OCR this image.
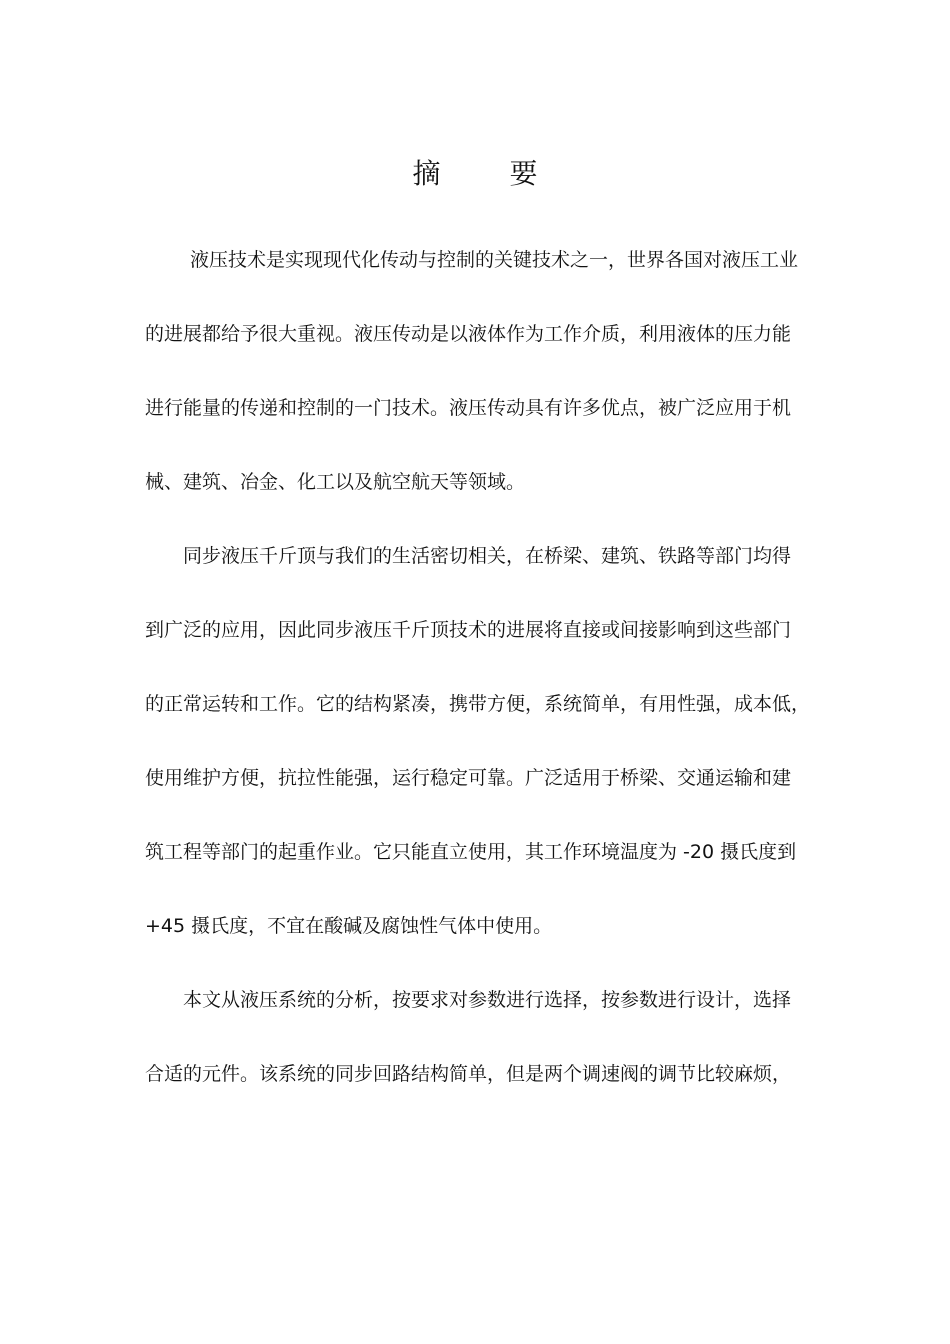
摘 要
液压技术是实现现代化传动与控制的关键技术之一，世界各国对液压工业
的进展都给予很大重视。液压传动是以液体作为工作介质，利用液体的压力能
进行能量的传递和控制的一门技术。液压传动具有许多优点，被广泛应用于机
械、建筑、冶金、化工以及航空航天等领域。
同步液压千斤顶与我们的生活密切相关，在桥梁、建筑、铁路等部门均得
到广泛的应用，因此同步液压千斤顶技术的进展将直接或间接影响到这些部门
的正常运转和工作。它的结构紧凑，携带方便，系统简单，有用性强，成本低，
使用维护方便，抗拉性能强，运行稳定可靠。广泛适用于桥梁、交通运输和建
筑工程等部门的起重作业。它只能直立使用，其工作环境温度为 -20 摄氏度到
+45 摄氏度，不宜在酸碱及腐蚀性气体中使用。
本文从液压系统的分析，按要求对参数进行选择，按参数进行设计，选择
合适的元件。该系统的同步回路结构简单，但是两个调速阀的调节比较麻烦，
